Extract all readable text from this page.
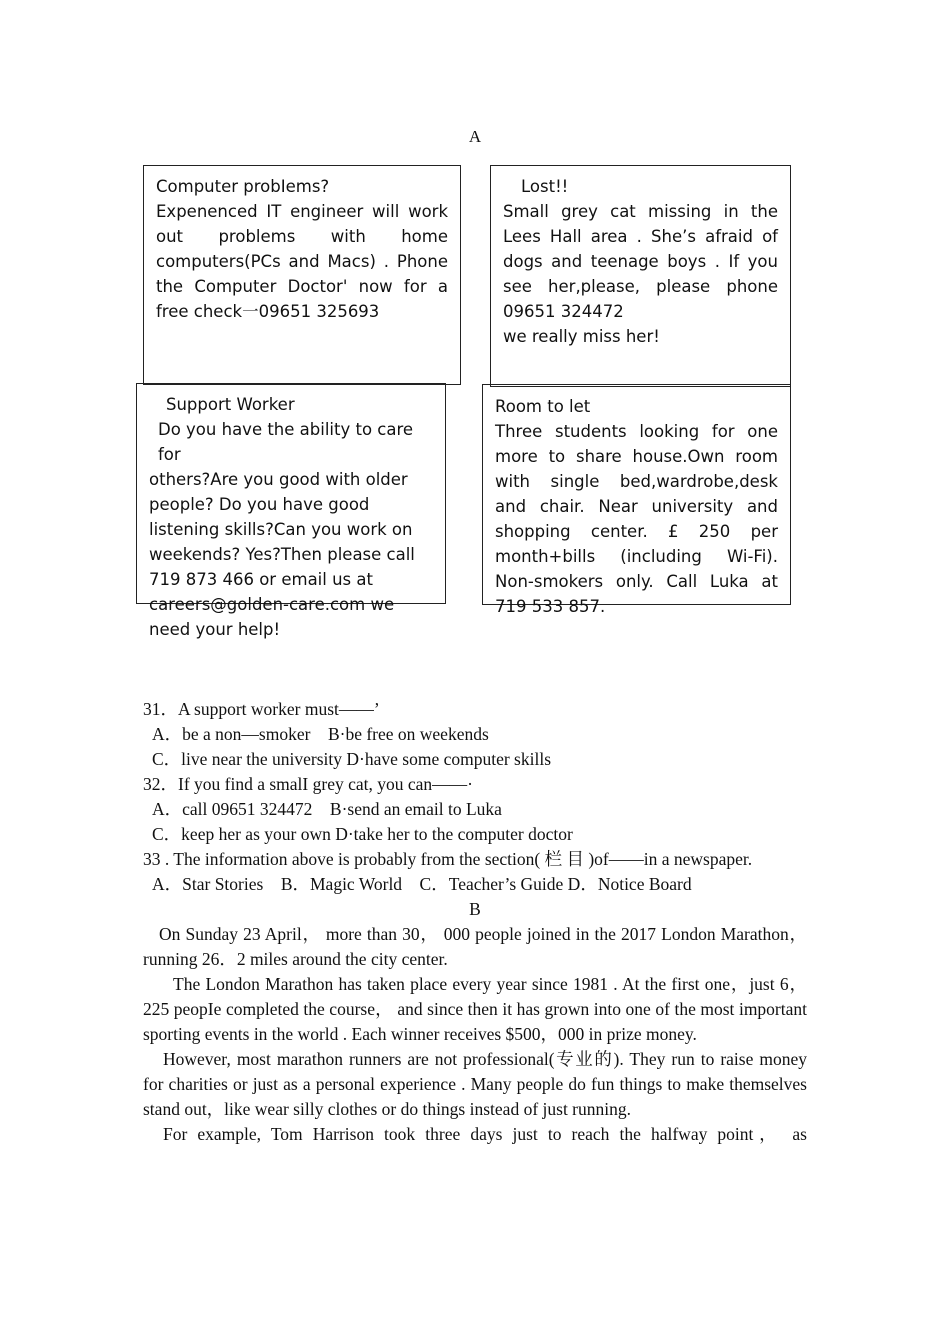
A

Computer probIems?

Expenenced IT engineer will work out problems with home computers(PCs and Macs) . Phone the Computer Doctor' now for a free check一09651 325693

Lost!!

Small grey cat missing in the Lees Hall area . She’s afraid of dogs and teenage boys . If you see her,please, please phone 09651 324472

we really miss her!

Support Worker

Do you have the ability to care for

others?Are you good with older people? Do you have good listening skills?Can you work on weekends? Yes?Then please call 719 873 466 or email us at careers@golden-care.com we need your help!

Room to let

Three students looking for one more to share house.Own room with single bed,wardrobe,desk and chair. Near university and shopping center. £ 250 per month+bills (including Wi-Fi). Non-smokers only. Call Luka at 719 533 857.

31．A support worker must——’

A．be a non—smoker　B·be free on weekends

C．live near the university D·have some computer skills

32．If you find a smalI grey cat, you can——·

A．call 09651 324472　B·send an email to Luka

C．keep her as your own D·take her to the computer doctor

33 . The information above is probably from the section( 栏 目 )of——in a newspaper.

A．Star Stories　B．Magic World　C．Teacher’s Guide D．Notice Board

B

On Sunday 23 April， more than 30， 000 people joined in the 2017 London Marathon，running 26．2 miles around the city center.

The London Marathon has taken place every year since 1981 . At the first one，just 6，225 peopIe completed the course， and since then it has grown into one of the most important sporting events in the world . Each winner receives $500，000 in prize money.

However, most marathon runners are not professional(专业的). They run to raise money for charities or just as a personal experience . Many people do fun things to make themselves stand out，like wear silly clothes or do things instead of just running.

For example, Tom Harrison took three days just to reach the halfway point， as
